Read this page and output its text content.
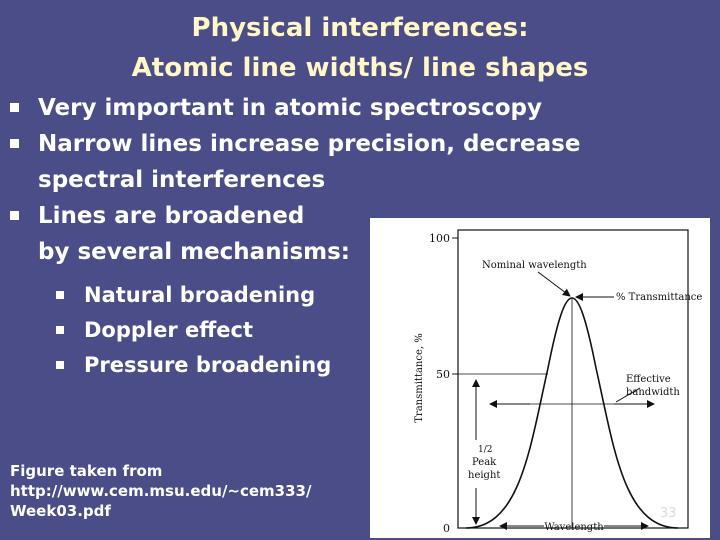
Physical interferences:
Atomic line widths/ line shapes
Very important in atomic spectroscopy
Narrow lines increase precision, decrease
spectral interferences
Lines are broadened
by several mechanisms:
Natural broadening
Doppler effect
Pressure broadening
100
50
0
Transmittance, %
Nominal wavelength
% Transmittance
Effective
bandwidth
1/2
Peak
height
Wavelength
Figure taken from
http://www.cem.msu.edu/~cem333/
Week03.pdf	33
